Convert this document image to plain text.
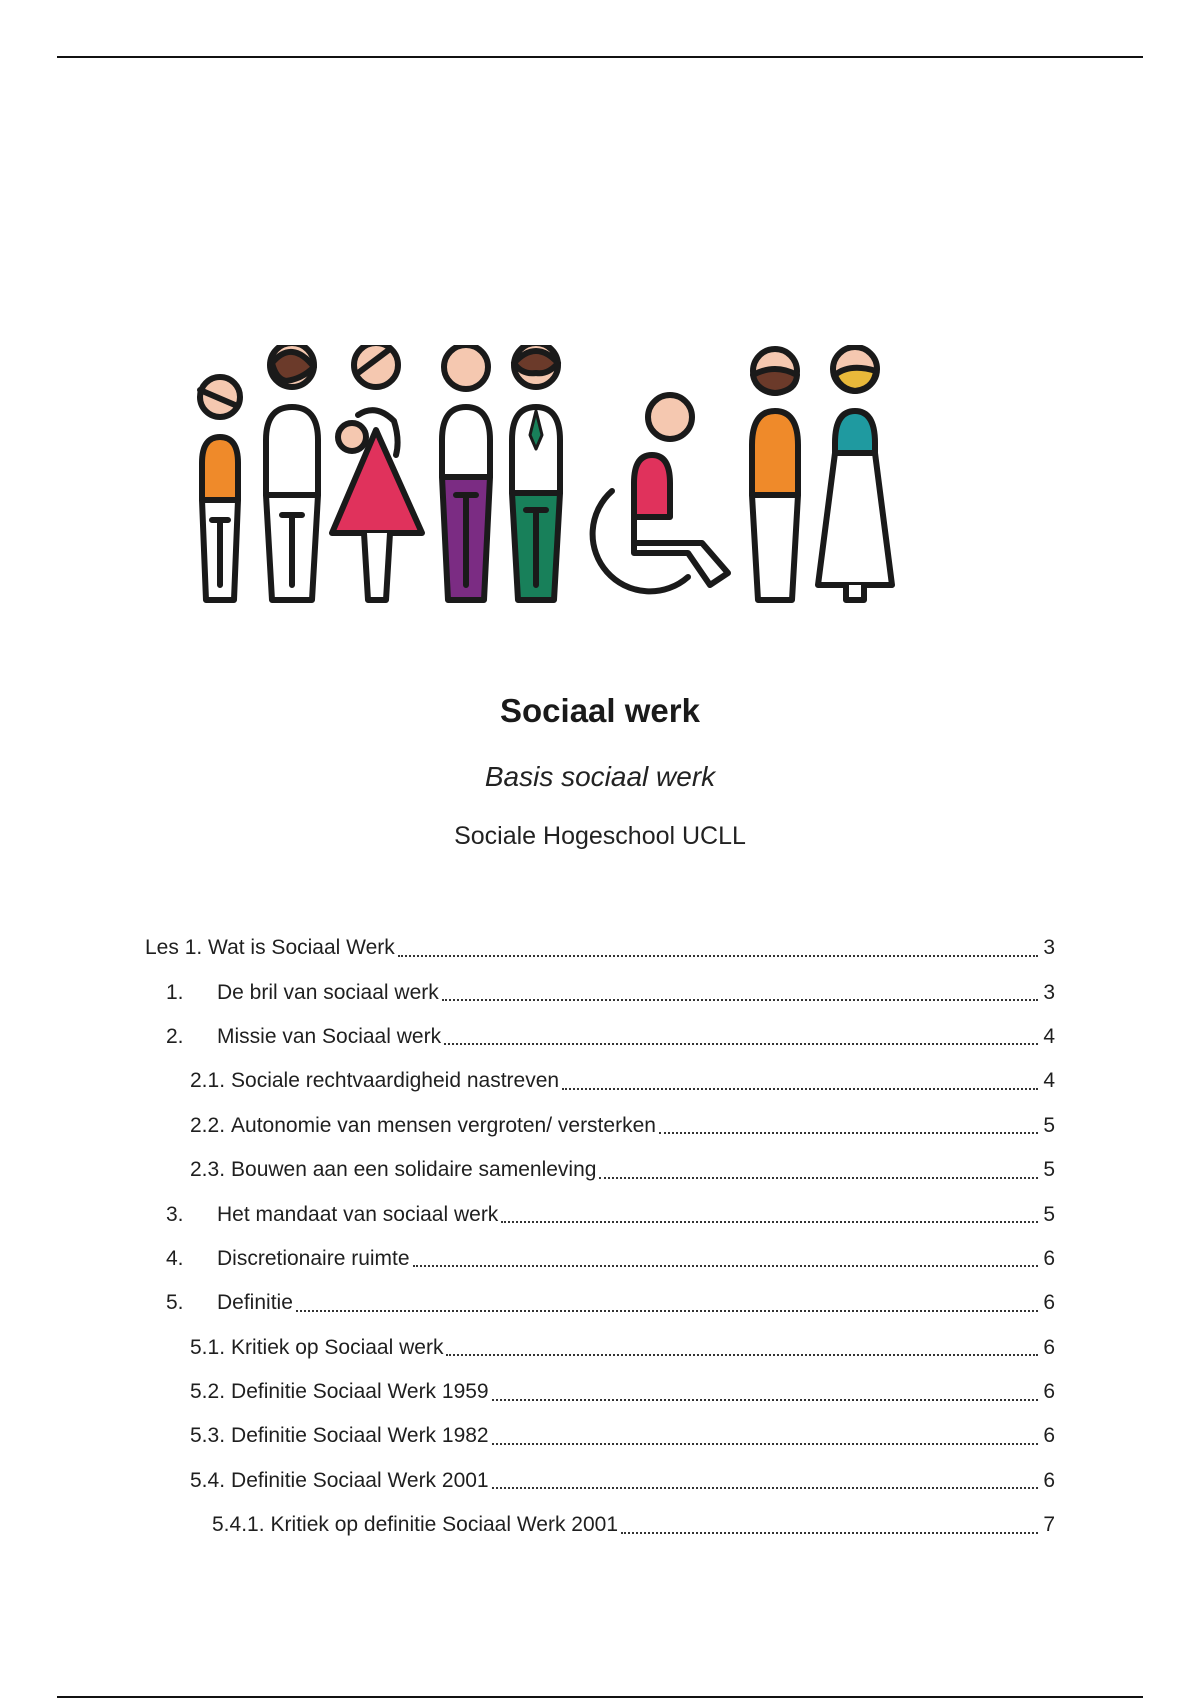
Sociaal werk
Basis sociaal werk
Sociale Hogeschool UCLL
Les 1. Wat is Sociaal Werk	3
1.	De bril van sociaal werk	3
2.	Missie van Sociaal werk	4
2.1. Sociale rechtvaardigheid nastreven	4
2.2. Autonomie van mensen vergroten/ versterken	5
2.3. Bouwen aan een solidaire samenleving	5
3.	Het mandaat van sociaal werk	5
4.	Discretionaire ruimte	6
5.	Definitie	6
5.1. Kritiek op Sociaal werk	6
5.2. Definitie Sociaal Werk 1959	6
5.3. Definitie Sociaal Werk 1982	6
5.4. Definitie Sociaal Werk 2001	6
5.4.1. Kritiek op definitie Sociaal Werk 2001	7
